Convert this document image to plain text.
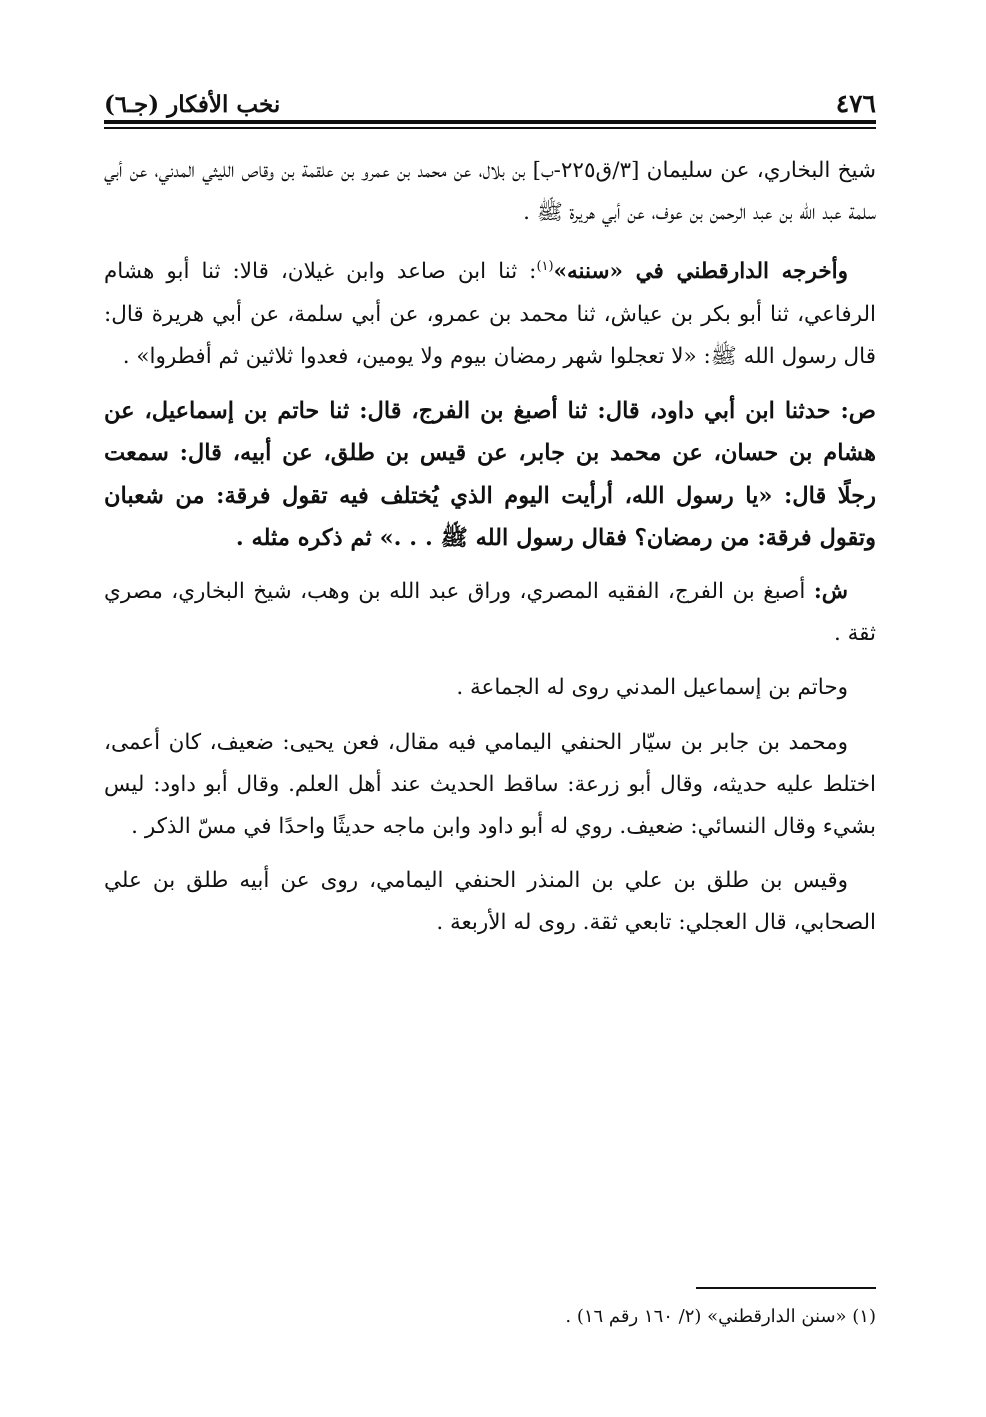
٤٧٦
نخب الأفكار (جـ٦)

شيخ البخاري، عن سليمان [٣/ق٢٢٥-ب] بن بلال، عن محمد بن عمرو بن علقمة بن وقاص الليثي المدني، عن أبي سلمة عبد الله بن عبد الرحمن بن عوف، عن أبي هريرة ﷺ .

وأخرجه الدارقطني في «سننه»$^{(١)}$: ثنا ابن صاعد وابن غيلان، قالا: ثنا أبو هشام الرفاعي، ثنا أبو بكر بن عياش، ثنا محمد بن عمرو، عن أبي سلمة، عن أبي هريرة قال: قال رسول الله ﷺ: «لا تعجلوا شهر رمضان بيوم ولا يومين، فعدوا ثلاثين ثم أفطروا» .

ص: حدثنا ابن أبي داود، قال: ثنا أصبغ بن الفرج، قال: ثنا حاتم بن إسماعيل، عن هشام بن حسان، عن محمد بن جابر، عن قيس بن طلق، عن أبيه، قال: سمعت رجلًا قال: «يا رسول الله، أرأيت اليوم الذي يُختلف فيه تقول فرقة: من شعبان وتقول فرقة: من رمضان؟ فقال رسول الله ﷺ . . .» ثم ذكره مثله .

ش: أصبغ بن الفرج، الفقيه المصري، وراق عبد الله بن وهب، شيخ البخاري، مصري ثقة .

وحاتم بن إسماعيل المدني روى له الجماعة .

ومحمد بن جابر بن سيّار الحنفي اليمامي فيه مقال، فعن يحيى: ضعيف، كان أعمى، اختلط عليه حديثه، وقال أبو زرعة: ساقط الحديث عند أهل العلم. وقال أبو داود: ليس بشيء وقال النسائي: ضعيف. روي له أبو داود وابن ماجه حديثًا واحدًا في مسّ الذكر .

وقيس بن طلق بن علي بن المنذر الحنفي اليمامي، روى عن أبيه طلق بن علي الصحابي، قال العجلي: تابعي ثقة. روى له الأربعة .

(١) «سنن الدارقطني» (٢/ ١٦٠ رقم ١٦) .
